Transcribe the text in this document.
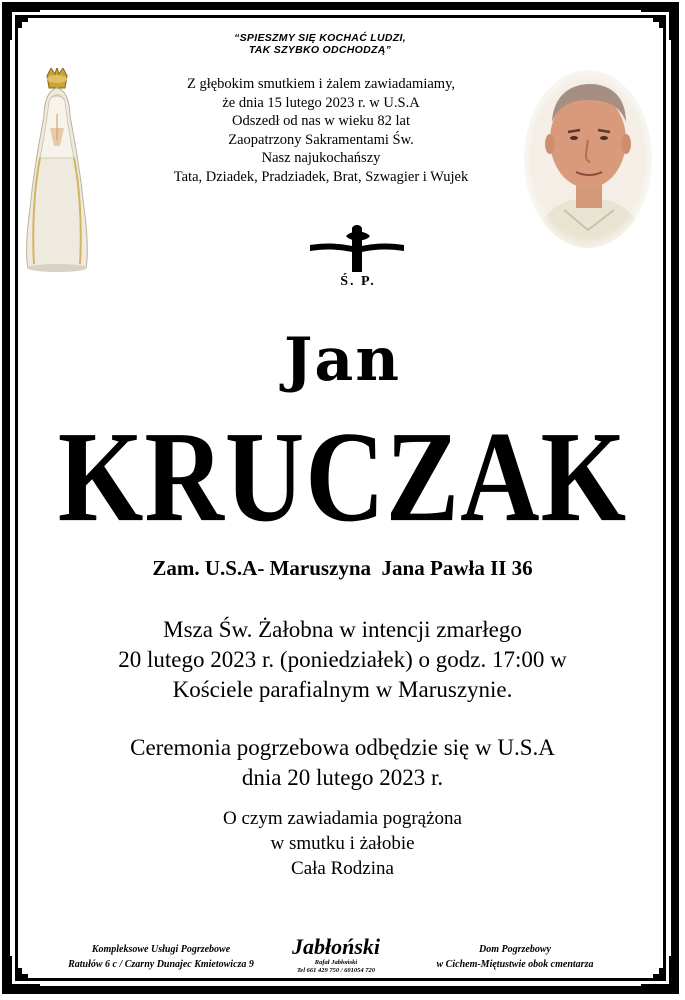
“SPIESZMY SIĘ KOCHAĆ LUDZI,
TAK SZYBKO ODCHODZĄ”
Z głębokim smutkiem i żalem zawiadamiamy,
że dnia 15 lutego 2023 r. w U.S.A
Odszedł od nas w wieku 82 lat
Zaopatrzony Sakramentami Św.
Nasz najukochańszy
Tata, Dziadek, Pradziadek, Brat, Szwagier i Wujek
Ś. P.
Jan
KRUCZAK
Zam. U.S.A- Maruszyna  Jana Pawła II 36
Msza Św. Żałobna w intencji zmarłego
20 lutego 2023 r. (poniedziałek) o godz. 17:00 w
Kościele parafialnym w Maruszynie.
Ceremonia pogrzebowa odbędzie się w U.S.A
dnia 20 lutego 2023 r.
O czym zawiadamia pogrążona
w smutku i żałobie
Cała Rodzina
Kompleksowe Usługi Pogrzebowe
Ratułów 6 c / Czarny Dunajec Kmietowicza 9
Jabłoński
Rafał Jabłoński
Tel 661 429 750 / 601054 720
Dom Pogrzebowy
w Cichem-Miętustwie obok cmentarza
